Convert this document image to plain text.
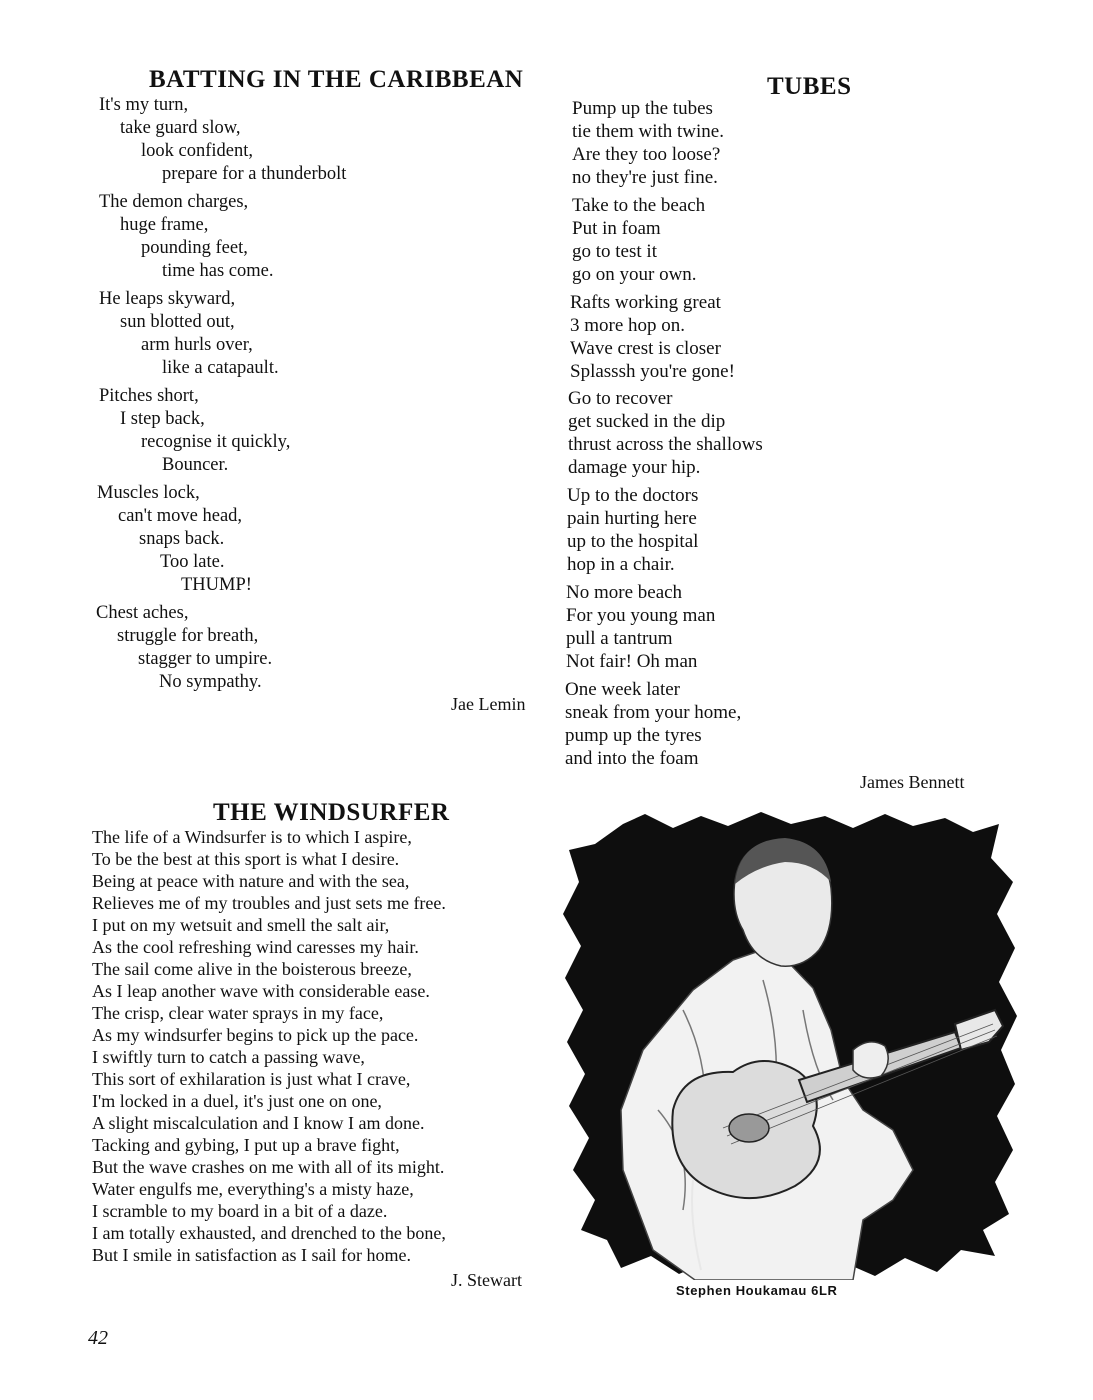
BATTING IN THE CARIBBEAN

It's my turn,

take guard slow,

look confident,

prepare for a thunderbolt

The demon charges,

huge frame,

pounding feet,

time has come.

He leaps skyward,

sun blotted out,

arm hurls over,

like a catapault.

Pitches short,

I step back,

recognise it quickly,

Bouncer.

Muscles lock,

can't move head,

snaps back.

Too late.

THUMP!

Chest aches,

struggle for breath,

stagger to umpire.

No sympathy.

Jae Lemin
TUBES

Pump up the tubes

tie them with twine.

Are they too loose?

no they're just fine.

Take to the beach

Put in foam

go to test it

go on your own.

Rafts working great

3 more hop on.

Wave crest is closer

Splasssh you're gone!

Go to recover

get sucked in the dip

thrust across the shallows

damage your hip.

Up to the doctors

pain hurting here

up to the hospital

hop in a chair.

No more beach

For you young man

pull a tantrum

Not fair! Oh man

One week later

sneak from your home,

pump up the tyres

and into the foam

James Bennett
THE WINDSURFER

The life of a Windsurfer is to which I aspire,

To be the best at this sport is what I desire.

Being at peace with nature and with the sea,

Relieves me of my troubles and just sets me free.

I put on my wetsuit and smell the salt air,

As the cool refreshing wind caresses my hair.

The sail come alive in the boisterous breeze,

As I leap another wave with considerable ease.

The crisp, clear water sprays in my face,

As my windsurfer begins to pick up the pace.

I swiftly turn to catch a passing wave,

This sort of exhilaration is just what I crave,

I'm locked in a duel, it's just one on one,

A slight miscalculation and I know I am done.

Tacking and gybing, I put up a brave fight,

But the wave crashes on me with all of its might.

Water engulfs me, everything's a misty haze,

I scramble to my board in a bit of a daze.

I am totally exhausted, and drenched to the bone,

But I smile in satisfaction as I sail for home.

J. Stewart
Stephen Houkamau 6LR
42
